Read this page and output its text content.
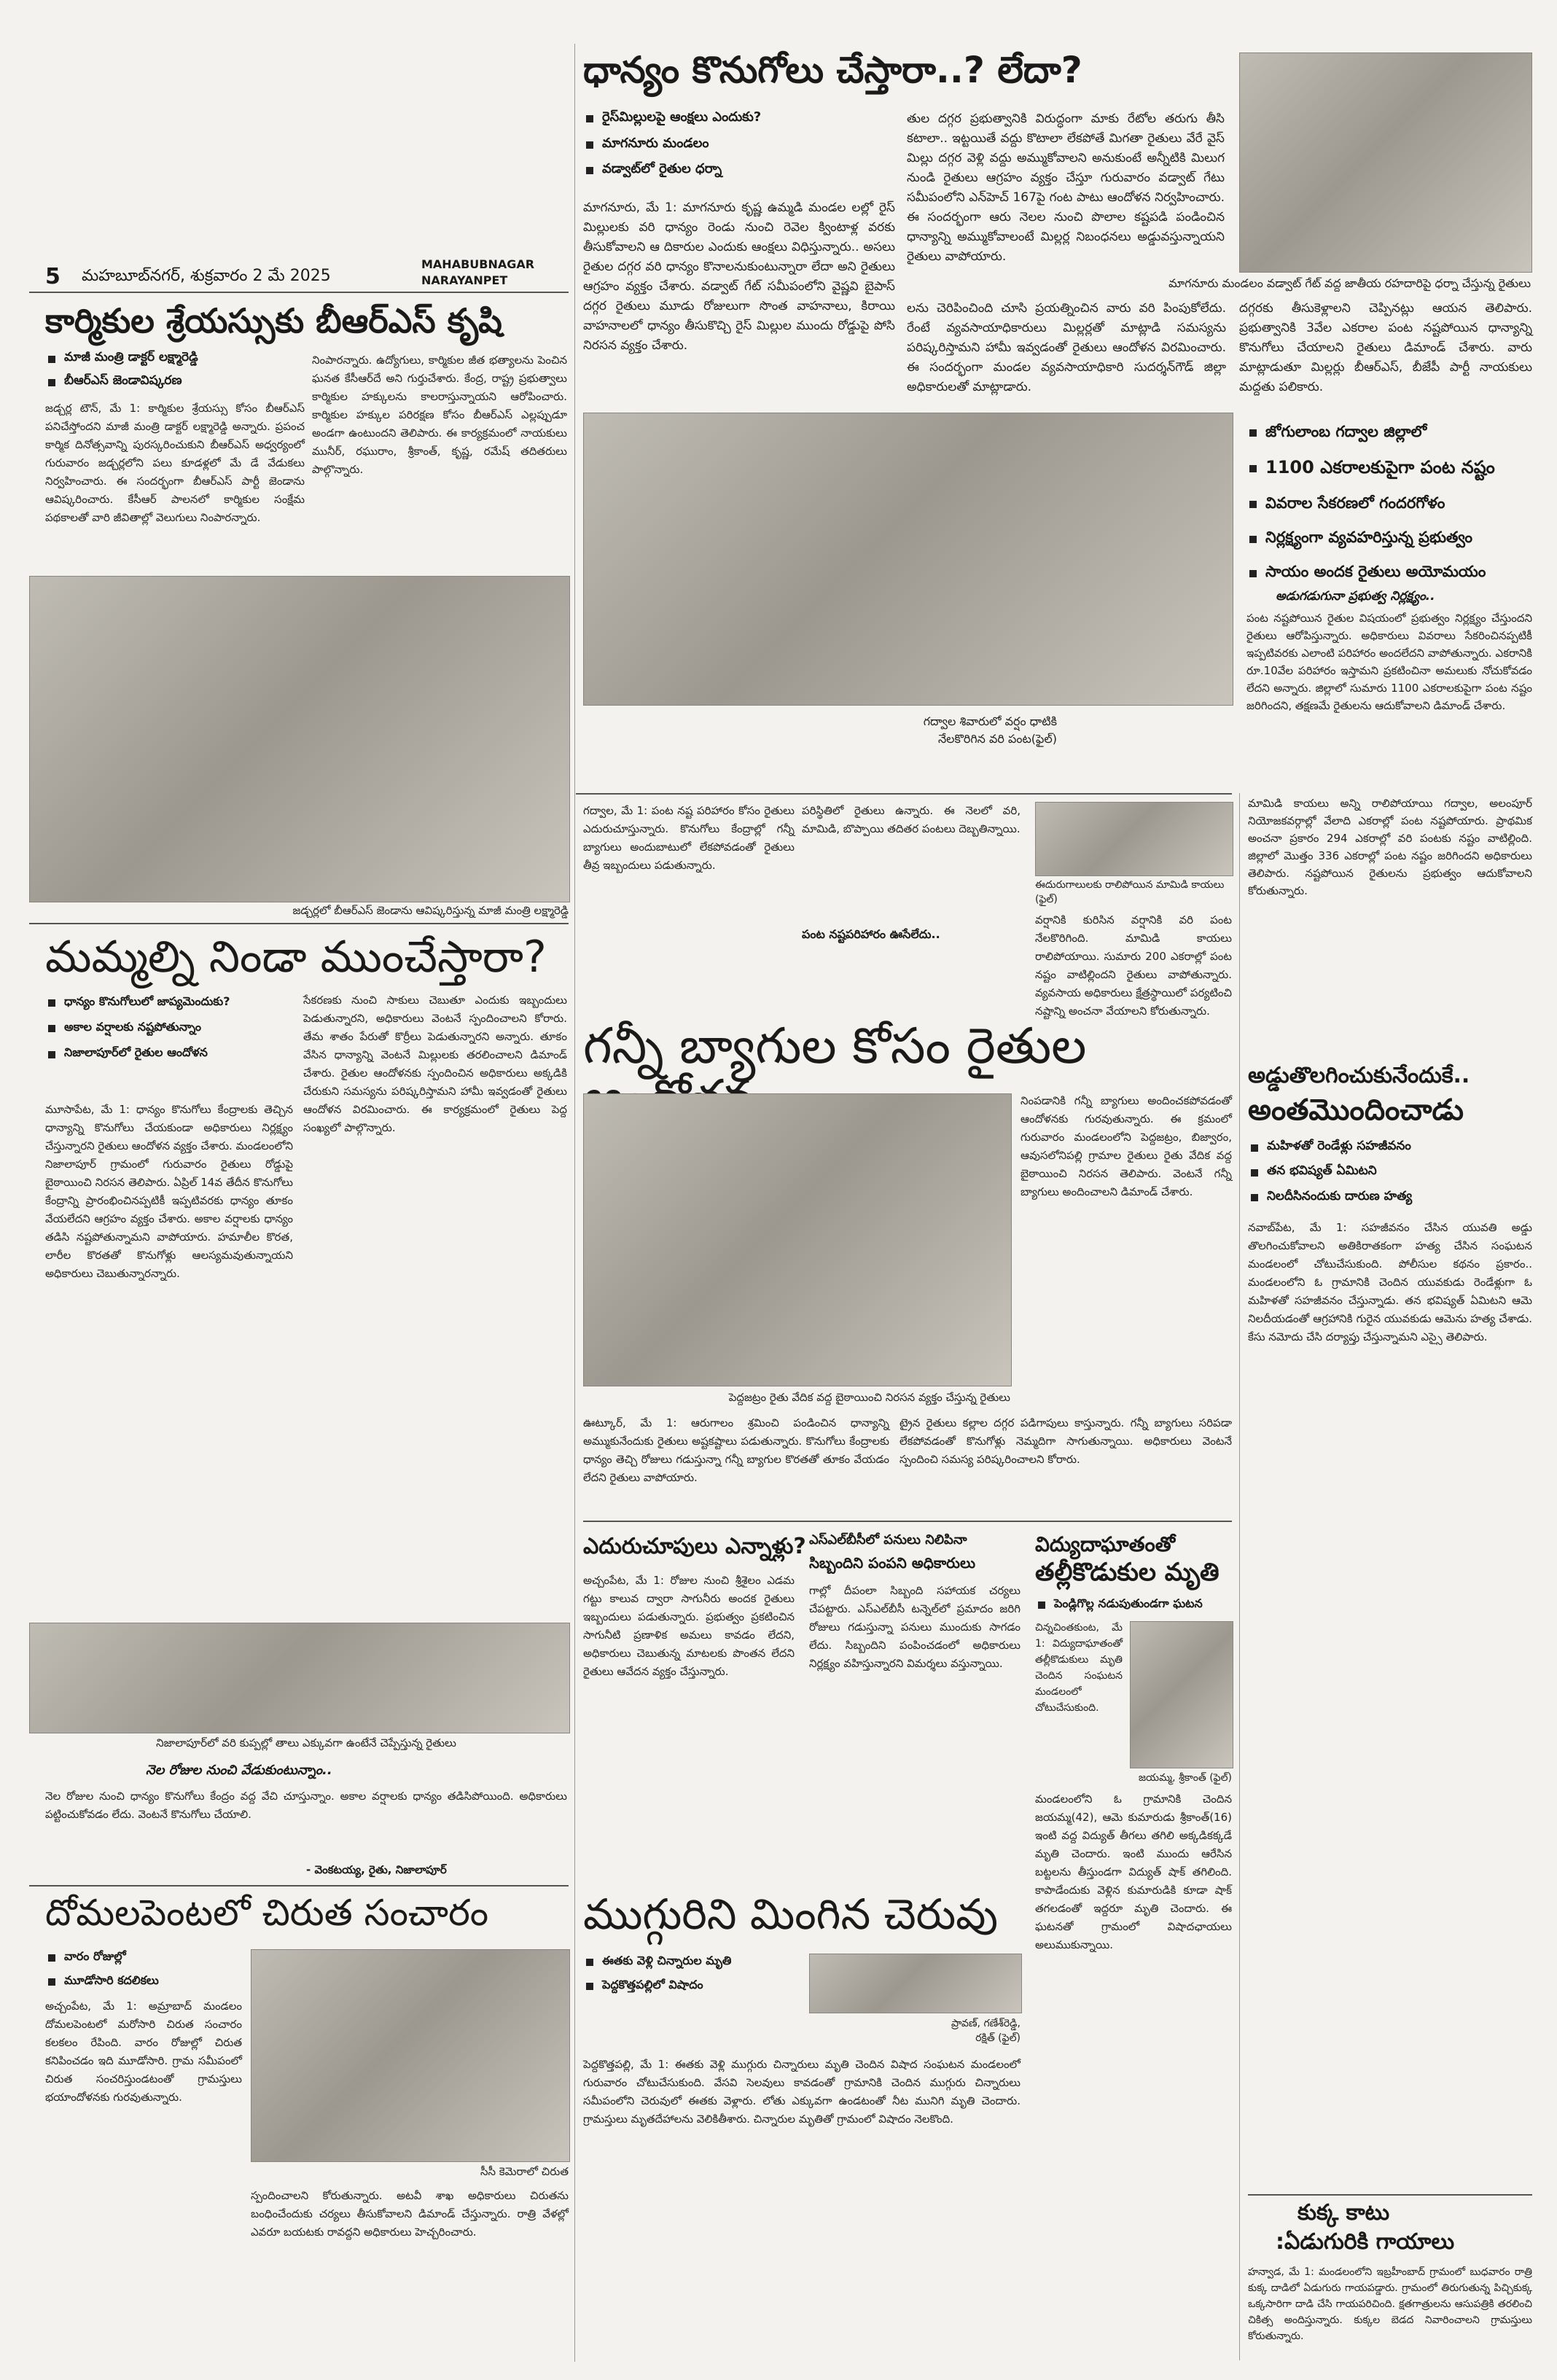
5 మహబూబ్‌నగర్, శుక్రవారం 2 మే 2025
MAHABUBNAGAR
NARAYANPET
ధాన్యం కొనుగోలు చేస్తారా..? లేదా?
రైస్‌మిల్లులపై ఆంక్షలు ఎందుకు?
మాగనూరు మండలం
వడ్వాట్‌లో రైతుల ధర్నా
మాగనూరు, మే 1: మాగనూరు కృష్ణ ఉమ్మడి మండల లల్లో రైస్ మిల్లులకు వరి ధాన్యం రెండు నుంచి రెవెల క్వింటాళ్ల వరకు తీసుకోవాలని ఆ దికారుల ఎందుకు ఆంక్షలు విధిస్తున్నారు.. అసలు రైతుల దగ్గర వరి ధాన్యం కొనాలనుకుంటున్నారా లేదా అని రైతులు ఆగ్రహం వ్యక్తం చేశారు. వడ్వాట్ గేట్ సమీపంలోని వైష్ణవి బైపాస్ దగ్గర రైతులు మూడు రోజులుగా సొంత వాహనాలు, కిరాయి వాహనాలలో ధాన్యం తీసుకొచ్చి రైస్ మిల్లుల ముందు రోడ్డుపై పోసి నిరసన వ్యక్తం చేశారు.
తుల దగ్గర ప్రభుత్వానికి విరుద్ధంగా మాకు రేటోల తరుగు తీసి కటాలా.. ఇట్టయితే వద్దు కొటాలా లేకపోతే మిగతా రైతులు వేరే వైస్ మిల్లు దగ్గర వెళ్లి వద్దు అమ్ముకోవాలని అనుకుంటే అన్నీటికి మిలుగ నుండి రైతులు ఆగ్రహం వ్యక్తం చేస్తూ గురువారం వడ్వాట్ గేటు సమీపంలోని ఎన్‌హెచ్ 167పై గంట పాటు ఆందోళన నిర్వహించారు. ఈ సందర్భంగా ఆరు నెలల నుంచి పొలాల కష్టపడి పండించిన ధాన్యాన్ని అమ్ముకోవాలంటే మిల్లర్ల నిబంధనలు అడ్డువస్తున్నాయని రైతులు వాపోయారు.
మాగనూరు మండలం వడ్వాట్ గేట్ వద్ద జాతీయ రహదారిపై ధర్నా చేస్తున్న రైతులు
లను చెరిపించింది చూసి ప్రయత్నించిన వారు వరి పింపుకోలేదు. రేంటే వ్యవసాయాధికారులు మిల్లర్లతో మాట్లాడి సమస్యను పరిష్కరిస్తామని హామీ ఇవ్వడంతో రైతులు ఆందోళన విరమించారు. ఈ సందర్భంగా మండల వ్యవసాయాధికారి సుదర్శన్‌గౌడ్ జిల్లా అధికారులతో మాట్లాడారు.
దగ్గరకు తీసుకెళ్లాలని చెప్పినట్లు ఆయన తెలిపారు. ప్రభుత్వానికి 3వేల ఎకరాల పంట నష్టపోయిన ధాన్యాన్ని కొనుగోలు చేయాలని రైతులు డిమాండ్ చేశారు. వారు మాట్లాడుతూ మిల్లర్లు బీఆర్‌ఎస్, బీజేపీ పార్టీ నాయకులు మద్దతు పలికారు.
కార్మికుల శ్రేయస్సుకు బీఆర్‌ఎస్ కృషి
మాజీ మంత్రి డాక్టర్ లక్ష్మారెడ్డి
బీఆర్‌ఎస్ జెండావిష్కరణ
జడ్చర్ల టౌన్, మే 1: కార్మికుల శ్రేయస్సు కోసం బీఆర్‌ఎస్ పనిచేస్తోందని మాజీ మంత్రి డాక్టర్ లక్ష్మారెడ్డి అన్నారు. ప్రపంచ కార్మిక దినోత్సవాన్ని పురస్కరించుకుని బీఆర్‌ఎస్ అధ్వర్యంలో గురువారం జడ్చర్లలోని పలు కూడళ్లలో మే డే వేడుకలు నిర్వహించారు. ఈ సందర్భంగా బీఆర్‌ఎస్ పార్టీ జెండాను ఆవిష్కరించారు. కేసీఆర్ పాలనలో కార్మికుల సంక్షేమ పథకాలతో వారి జీవితాల్లో వెలుగులు నింపారన్నారు.
నింపారన్నారు. ఉద్యోగులు, కార్మికుల జీత భత్యాలను పెంచిన ఘనత కేసీఆర్‌దే అని గుర్తుచేశారు. కేంద్ర, రాష్ట్ర ప్రభుత్వాలు కార్మికుల హక్కులను కాలరాస్తున్నాయని ఆరోపించారు. కార్మికుల హక్కుల పరిరక్షణ కోసం బీఆర్‌ఎస్ ఎల్లప్పుడూ అండగా ఉంటుందని తెలిపారు. ఈ కార్యక్రమంలో నాయకులు మునీర్, రఘురాం, శ్రీకాంత్, కృష్ణ, రమేష్ తదితరులు పాల్గొన్నారు.
జడ్చర్లలో బీఆర్‌ఎస్ జెండాను ఆవిష్కరిస్తున్న మాజీ మంత్రి లక్ష్మారెడ్డి
గద్వాల శివారులో వర్షం ధాటికి
నేలకొరిగిన వరి పంట(ఫైల్)
జోగులాంబ గద్వాల జిల్లాలో
1100 ఎకరాలకుపైగా పంట నష్టం
వివరాల సేకరణలో గందరగోళం
నిర్లక్ష్యంగా వ్యవహరిస్తున్న ప్రభుత్వం
సాయం అందక రైతులు అయోమయం
అడుగడుగునా ప్రభుత్వ నిర్లక్ష్యం..
పంట నష్టపోయిన రైతుల విషయంలో ప్రభుత్వం నిర్లక్ష్యం చేస్తుందని రైతులు ఆరోపిస్తున్నారు. అధికారులు వివరాలు సేకరించినప్పటికీ ఇప్పటివరకు ఎలాంటి పరిహారం అందలేదని వాపోతున్నారు. ఎకరానికి రూ.10వేల పరిహారం ఇస్తామని ప్రకటించినా అమలుకు నోచుకోవడం లేదని అన్నారు. జిల్లాలో సుమారు 1100 ఎకరాలకుపైగా పంట నష్టం జరిగిందని, తక్షణమే రైతులను ఆదుకోవాలని డిమాండ్ చేశారు.
మామిడి కాయలు అన్ని రాలిపోయాయి గద్వాల, అలంపూర్ నియోజకవర్గాల్లో వేలాది ఎకరాల్లో పంట నష్టపోయారు. ప్రాథమిక అంచనా ప్రకారం 294 ఎకరాల్లో వరి పంటకు నష్టం వాటిల్లింది. జిల్లాలో మొత్తం 336 ఎకరాల్లో పంట నష్టం జరిగిందని అధికారులు తెలిపారు. నష్టపోయిన రైతులను ప్రభుత్వం ఆదుకోవాలని కోరుతున్నారు.
మమ్మల్ని నిండా ముంచేస్తారా?
ధాన్యం కొనుగోలులో జాప్యమెందుకు?
అకాల వర్షాలకు నష్టపోతున్నాం
నిజాలాపూర్‌లో రైతుల ఆందోళన
మూసాపేట, మే 1: ధాన్యం కొనుగోలు కేంద్రాలకు తెచ్చిన ధాన్యాన్ని కొనుగోలు చేయకుండా అధికారులు నిర్లక్ష్యం చేస్తున్నారని రైతులు ఆందోళన వ్యక్తం చేశారు. మండలంలోని నిజాలాపూర్ గ్రామంలో గురువారం రైతులు రోడ్డుపై బైఠాయించి నిరసన తెలిపారు. ఏప్రిల్ 14వ తేదీన కొనుగోలు కేంద్రాన్ని ప్రారంభించినప్పటికీ ఇప్పటివరకు ధాన్యం తూకం వేయలేదని ఆగ్రహం వ్యక్తం చేశారు. అకాల వర్షాలకు ధాన్యం తడిసి నష్టపోతున్నామని వాపోయారు. హమాలీల కొరత, లారీల కొరతతో కొనుగోళ్లు ఆలస్యమవుతున్నాయని అధికారులు చెబుతున్నారన్నారు.
సేకరణకు నుంచి సాకులు చెబుతూ ఎందుకు ఇబ్బందులు పెడుతున్నారని, అధికారులు వెంటనే స్పందించాలని కోరారు. తేమ శాతం పేరుతో కొర్రీలు పెడుతున్నారని అన్నారు. తూకం వేసిన ధాన్యాన్ని వెంటనే మిల్లులకు తరలించాలని డిమాండ్ చేశారు. రైతుల ఆందోళనకు స్పందించిన అధికారులు అక్కడికి చేరుకుని సమస్యను పరిష్కరిస్తామని హామీ ఇవ్వడంతో రైతులు ఆందోళన విరమించారు. ఈ కార్యక్రమంలో రైతులు పెద్ద సంఖ్యలో పాల్గొన్నారు.
గద్వాల, మే 1: పంట నష్ట పరిహారం కోసం రైతులు ఎదురుచూస్తున్నారు. కొనుగోలు కేంద్రాల్లో గన్నీ బ్యాగులు అందుబాటులో లేకపోవడంతో రైతులు తీవ్ర ఇబ్బందులు పడుతున్నారు.
పరిస్థితిలో రైతులు ఉన్నారు. ఈ నెలలో వరి, మామిడి, బొప్పాయి తదితర పంటలు దెబ్బతిన్నాయి.
పంట నష్టపరిహారం ఊసేలేదు..
ఈదురుగాలులకు రాలిపోయిన మామిడి కాయలు (ఫైల్)
వర్షానికి కురిసిన వర్షానికి వరి పంట నేలకొరిగింది. మామిడి కాయలు రాలిపోయాయి. సుమారు 200 ఎకరాల్లో పంట నష్టం వాటిల్లిందని రైతులు వాపోతున్నారు. వ్యవసాయ అధికారులు క్షేత్రస్థాయిలో పర్యటించి నష్టాన్ని అంచనా వేయాలని కోరుతున్నారు.
గన్నీ బ్యాగుల కోసం రైతుల
నింపడానికి గన్నీ బ్యాగులు అందించకపోవడంతో ఆందోళనకు గురవుతున్నారు. ఈ క్రమంలో గురువారం మండలంలోని పెద్దజట్రం, బిజ్వారం, ఆవుసలోనిపల్లి గ్రామాల రైతులు రైతు వేదిక వద్ద బైఠాయించి నిరసన తెలిపారు. వెంటనే గన్నీ బ్యాగులు అందించాలని డిమాండ్ చేశారు.
పెద్దజట్రం రైతు వేదిక వద్ద బైఠాయించి నిరసన వ్యక్తం చేస్తున్న రైతులు
ఊట్కూర్, మే 1: ఆరుగాలం శ్రమించి పండించిన ధాన్యాన్ని అమ్ముకునేందుకు రైతులు అష్టకష్టాలు పడుతున్నారు. కొనుగోలు కేంద్రాలకు ధాన్యం తెచ్చి రోజులు గడుస్తున్నా గన్నీ బ్యాగుల కొరతతో తూకం వేయడం లేదని రైతులు వాపోయారు.
ట్రైన రైతులు కల్లాల దగ్గర పడిగాపులు కాస్తున్నారు. గన్నీ బ్యాగులు సరిపడా లేకపోవడంతో కొనుగోళ్లు నెమ్మదిగా సాగుతున్నాయి. అధికారులు వెంటనే స్పందించి సమస్య పరిష్కరించాలని కోరారు.
అడ్డుతొలగించుకునేందుకే..
అంతమొందించాడు
మహిళతో రెండేళ్లు సహజీవనం
తన భవిష్యత్ ఏమిటని
నిలదీసినందుకు దారుణ హత్య
నవాబ్‌పేట, మే 1: సహజీవనం చేసిన యువతి అడ్డు తొలగించుకోవాలని అతికిరాతకంగా హత్య చేసిన సంఘటన మండలంలో చోటుచేసుకుంది. పోలీసుల కథనం ప్రకారం.. మండలంలోని ఓ గ్రామానికి చెందిన యువకుడు రెండేళ్లుగా ఓ మహిళతో సహజీవనం చేస్తున్నాడు. తన భవిష్యత్ ఏమిటని ఆమె నిలదీయడంతో ఆగ్రహానికి గురైన యువకుడు ఆమెను హత్య చేశాడు. కేసు నమోదు చేసి దర్యాప్తు చేస్తున్నామని ఎస్సై తెలిపారు.
ఎదురుచూపులు ఎన్నాళ్లు?
అచ్చంపేట, మే 1: రోజుల నుంచి శ్రీశైలం ఎడమ గట్టు కాలువ ద్వారా సాగునీరు అందక రైతులు ఇబ్బందులు పడుతున్నారు. ప్రభుత్వం ప్రకటించిన సాగునీటి ప్రణాళిక అమలు కావడం లేదని, అధికారులు చెబుతున్న మాటలకు పొంతన లేదని రైతులు ఆవేదన వ్యక్తం చేస్తున్నారు.
ఎస్‌ఎల్‌బీసీలో పనులు నిలిపినా
సిబ్బందిని పంపని అధికారులు
గాల్లో దీపంలా సిబ్బంది సహాయక చర్యలు చేపట్టారు. ఎస్‌ఎల్‌బీసీ టన్నెల్‌లో ప్రమాదం జరిగి రోజులు గడుస్తున్నా పనులు ముందుకు సాగడం లేదు. సిబ్బందిని పంపించడంలో అధికారులు నిర్లక్ష్యం వహిస్తున్నారని విమర్శలు వస్తున్నాయి.
విద్యుదాఘాతంతో
తల్లీకొడుకుల మృతి
పెండ్లిగొల్ల నడుపుతుండగా ఘటన
చిన్నచింతకుంట, మే 1: విద్యుదాఘాతంతో తల్లీకొడుకులు మృతి చెందిన సంఘటన మండలంలో చోటుచేసుకుంది.
జయమ్మ, శ్రీకాంత్ (ఫైల్)
మండలంలోని ఓ గ్రామానికి చెందిన జయమ్మ(42), ఆమె కుమారుడు శ్రీకాంత్(16) ఇంటి వద్ద విద్యుత్ తీగలు తగిలి అక్కడికక్కడే మృతి చెందారు. ఇంటి ముందు ఆరేసిన బట్టలను తీస్తుండగా విద్యుత్ షాక్ తగిలింది. కాపాడేందుకు వెళ్లిన కుమారుడికి కూడా షాక్ తగలడంతో ఇద్దరూ మృతి చెందారు. ఈ ఘటనతో గ్రామంలో విషాదఛాయలు అలుముకున్నాయి.
ముగ్గురిని మింగిన చెరువు
ఈతకు వెళ్లి చిన్నారుల మృతి
పెద్దకొత్తపల్లిలో విషాదం
ప్రావణ్, గణేశ్‌రెడ్డి,
రక్షిత్ (ఫైల్)
పెద్దకొత్తపల్లి, మే 1: ఈతకు వెళ్లి ముగ్గురు చిన్నారులు మృతి చెందిన విషాద సంఘటన మండలంలో గురువారం చోటుచేసుకుంది. వేసవి సెలవులు కావడంతో గ్రామానికి చెందిన ముగ్గురు చిన్నారులు సమీపంలోని చెరువులో ఈతకు వెళ్లారు. లోతు ఎక్కువగా ఉండటంతో నీట మునిగి మృతి చెందారు. గ్రామస్తులు మృతదేహాలను వెలికితీశారు. చిన్నారుల మృతితో గ్రామంలో విషాదం నెలకొంది.
నిజాలాపూర్‌లో వరి కుప్పల్లో తాలు ఎక్కువగా ఉంటేనే చెప్పేస్తున్న రైతులు
నెల రోజుల నుంచి వేడుకుంటున్నాం..
నెల రోజుల నుంచి ధాన్యం కొనుగోలు కేంద్రం వద్ద వేచి చూస్తున్నాం. అకాల వర్షాలకు ధాన్యం తడిసిపోయింది. అధికారులు పట్టించుకోవడం లేదు. వెంటనే కొనుగోలు చేయాలి.
- వెంకటయ్య, రైతు, నిజాలాపూర్
దోమలపెంటలో చిరుత సంచారం
వారం రోజుల్లో
మూడోసారి కదలికలు
అచ్చంపేట, మే 1: అమ్రాబాద్ మండలం దోమలపెంటలో మరోసారి చిరుత సంచారం కలకలం రేపింది. వారం రోజుల్లో చిరుత కనిపించడం ఇది మూడోసారి. గ్రామ సమీపంలో చిరుత సంచరిస్తుండటంతో గ్రామస్తులు భయాందోళనకు గురవుతున్నారు.
సీసీ కెమెరాలో చిరుత
స్పందించాలని కోరుతున్నారు. అటవీ శాఖ అధికారులు చిరుతను బంధించేందుకు చర్యలు తీసుకోవాలని డిమాండ్ చేస్తున్నారు. రాత్రి వేళల్లో ఎవరూ బయటకు రావద్దని అధికారులు హెచ్చరించారు.
కుక్క కాటు
:ఏడుగురికి గాయాలు
హన్వాడ, మే 1: మండలంలోని ఇబ్రహీంబాద్ గ్రామంలో బుధవారం రాత్రి కుక్క దాడిలో ఏడుగురు గాయపడ్డారు. గ్రామంలో తిరుగుతున్న పిచ్చికుక్క ఒక్కసారిగా దాడి చేసి గాయపరిచింది. క్షతగాత్రులను ఆసుపత్రికి తరలించి చికిత్స అందిస్తున్నారు. కుక్కల బెడద నివారించాలని గ్రామస్తులు కోరుతున్నారు.
